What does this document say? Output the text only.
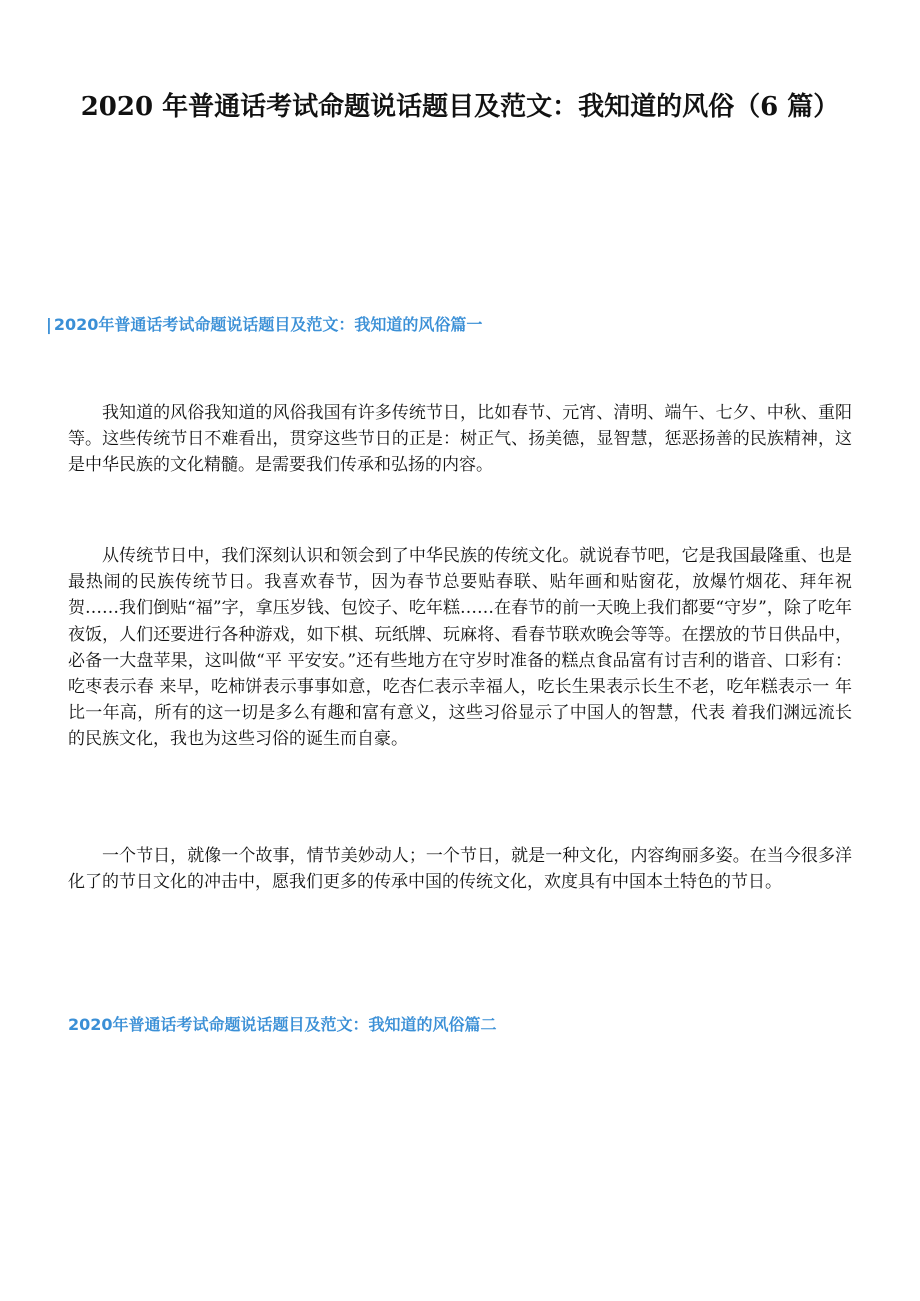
2020 年普通话考试命题说话题目及范文：我知道的风俗（6 篇）
| 2020年普通话考试命题说话题目及范文：我知道的风俗篇一

我知道的风俗我知道的风俗我国有许多传统节日，比如春节、元宵、清明、端午、七夕、中秋、重阳等。这些传统节日不难看出，贯穿这些节日的正是：树正气、扬美德，显智慧，惩恶扬善的民族精神，这是中华民族的文化精髓。是需要我们传承和弘扬的内容。

从传统节日中，我们深刻认识和领会到了中华民族的传统文化。就说春节吧，它是我国最隆重、也是最热闹的民族传统节日。我喜欢春节，因为春节总要贴春联、贴年画和贴窗花，放爆竹烟花、拜年祝贺……我们倒贴“福”字，拿压岁钱、包饺子、吃年糕……在春节的前一天晚上我们都要“守岁”，除了吃年夜饭，人们还要进行各种游戏，如下棋、玩纸牌、玩麻将、看春节联欢晚会等等。在摆放的节日供品中，必备一大盘苹果，这叫做“平 平安安。”还有些地方在守岁时准备的糕点食品富有讨吉利的谐音、口彩有：吃枣表示春 来早，吃柿饼表示事事如意，吃杏仁表示幸福人，吃长生果表示长生不老，吃年糕表示一 年比一年高，所有的这一切是多么有趣和富有意义，这些习俗显示了中国人的智慧，代表 着我们渊远流长的民族文化，我也为这些习俗的诞生而自豪。

一个节日，就像一个故事，情节美妙动人；一个节日，就是一种文化，内容绚丽多姿。在当今很多洋化了的节日文化的冲击中，愿我们更多的传承中国的传统文化，欢度具有中国本土特色的节日。

2020年普通话考试命题说话题目及范文：我知道的风俗篇二
